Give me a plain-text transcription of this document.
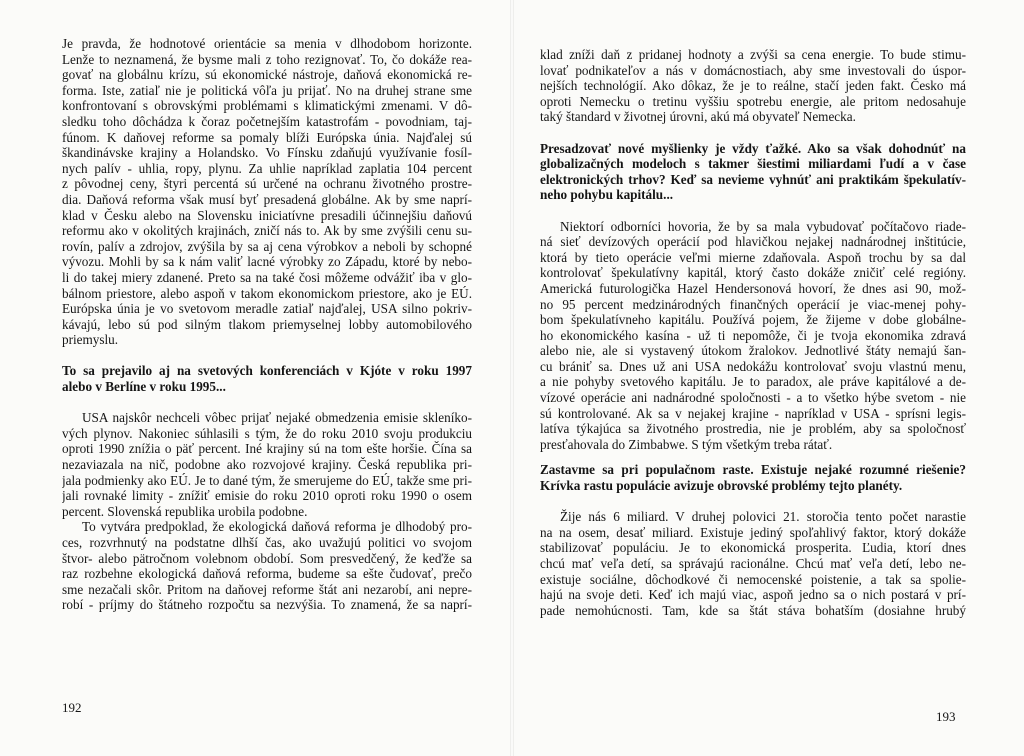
Je pravda, že hodnotové orientácie sa menia v dlhodobom horizonte.
Lenže to neznamená, že bysme mali z toho rezignovať. To, čo dokáže rea-
govať na globálnu krízu, sú ekonomické nástroje, daňová ekonomická re-
forma. Iste, zatiaľ nie je politická vôľa ju prijať. No na druhej strane sme
konfrontovaní s obrovskými problémami s klimatickými zmenami. V dô-
sledku toho dôchádza k čoraz početnejším katastrofám - povodniam, taj-
fúnom. K daňovej reforme sa pomaly blíži Európska únia. Najďalej sú
škandinávske krajiny a Holandsko. Vo Fínsku zdaňujú využívanie fosíl-
nych palív - uhlia, ropy, plynu. Za uhlie napríklad zaplatia 104 percent
z pôvodnej ceny, štyri percentá sú určené na ochranu životného prostre-
dia. Daňová reforma však musí byť presadená globálne. Ak by sme naprí-
klad v Česku alebo na Slovensku iniciatívne presadili účinnejšiu daňovú
reformu ako v okolitých krajinách, zničí nás to. Ak by sme zvýšili cenu su-
rovín, palív a zdrojov, zvýšila by sa aj cena výrobkov a neboli by schopné
vývozu. Mohli by sa k nám valiť lacné výrobky zo Západu, ktoré by nebo-
li do takej miery zdanené. Preto sa na také čosi môžeme odvážiť iba v glo-
bálnom priestore, alebo aspoň v takom ekonomickom priestore, ako je EÚ.
Európska únia je vo svetovom meradle zatiaľ najďalej, USA silno pokriv-
kávajú, lebo sú pod silným tlakom priemyselnej lobby automobilového
priemyslu.
To sa prejavilo aj na svetových konferenciách v Kjóte v roku 1997
alebo v Berlíne v roku 1995...
USA najskôr nechceli vôbec prijať nejaké obmedzenia emisie skleníko-
vých plynov. Nakoniec súhlasili s tým, že do roku 2010 svoju produkciu
oproti 1990 znížia o päť percent. Iné krajiny sú na tom ešte horšie. Čína sa
nezaviazala na nič, podobne ako rozvojové krajiny. Česká republika pri-
jala podmienky ako EÚ. Je to dané tým, že smerujeme do EÚ, takže sme pri-
jali rovnaké limity - znížiť emisie do roku 2010 oproti roku 1990 o osem
percent. Slovenská republika urobila podobne.
To vytvára predpoklad, že ekologická daňová reforma je dlhodobý pro-
ces, rozvrhnutý na podstatne dlhší čas, ako uvažujú politici vo svojom
štvor- alebo pätročnom volebnom období. Som presvedčený, že keďže sa
raz rozbehne ekologická daňová reforma, budeme sa ešte čudovať, prečo
sme nezačali skôr. Pritom na daňovej reforme štát ani nezarobí, ani nepre-
robí - príjmy do štátneho rozpočtu sa nezvýšia. To znamená, že sa naprí-
192
klad zníži daň z pridanej hodnoty a zvýši sa cena energie. To bude stimu-
lovať podnikateľov a nás v domácnostiach, aby sme investovali do úspor-
nejších technológií. Ako dôkaz, že je to reálne, stačí jeden fakt. Česko má
oproti Nemecku o tretinu vyššiu spotrebu energie, ale pritom nedosahuje
taký štandard v životnej úrovni, akú má obyvateľ Nemecka.
Presadzovať nové myšlienky je vždy ťažké. Ako sa však dohodnúť na
globalizačných modeloch s takmer šiestimi miliardami ľudí a v čase
elektronických trhov? Keď sa nevieme vyhnúť ani praktikám špekulatív-
neho pohybu kapitálu...
Niektorí odborníci hovoria, že by sa mala vybudovať počítačovo riade-
ná sieť devízových operácií pod hlavičkou nejakej nadnárodnej inštitúcie,
ktorá by tieto operácie veľmi mierne zdaňovala. Aspoň trochu by sa dal
kontrolovať špekulatívny kapitál, ktorý často dokáže zničiť celé regióny.
Americká futurologička Hazel Hendersonová hovorí, že dnes asi 90, mož-
no 95 percent medzinárodných finančných operácií je viac-menej pohy-
bom špekulatívneho kapitálu. Používá pojem, že žijeme v dobe globálne-
ho ekonomického kasína - už ti nepomôže, či je tvoja ekonomika zdravá
alebo nie, ale si vystavený útokom žralokov. Jednotlivé štáty nemajú šan-
cu brániť sa. Dnes už ani USA nedokážu kontrolovať svoju vlastnú menu,
a nie pohyby svetového kapitálu. Je to paradox, ale práve kapitálové a de-
vízové operácie ani nadnárodné spoločnosti - a to všetko hýbe svetom - nie
sú kontrolované. Ak sa v nejakej krajine - napríklad v USA - sprísni legis-
latíva týkajúca sa životného prostredia, nie je problém, aby sa spoločnosť
presťahovala do Zimbabwe. S tým všetkým treba rátať.
Zastavme sa pri populačnom raste. Existuje nejaké rozumné riešenie?
Krívka rastu populácie avizuje obrovské problémy tejto planéty.
Žije nás 6 miliard. V druhej polovici 21. storočia tento počet narastie
na na osem, desať miliard. Existuje jediný spoľahlivý faktor, ktorý dokáže
stabilizovať populáciu. Je to ekonomická prosperita. Ľudia, ktorí dnes
chcú mať veľa detí, sa správajú racionálne. Chcú mať veľa detí, lebo ne-
existuje sociálne, dôchodkové či nemocenské poistenie, a tak sa spolie-
hajú na svoje deti. Keď ich majú viac, aspoň jedno sa o nich postará v prí-
pade nemohúcnosti. Tam, kde sa štát stáva bohatším (dosiahne hrubý
193
